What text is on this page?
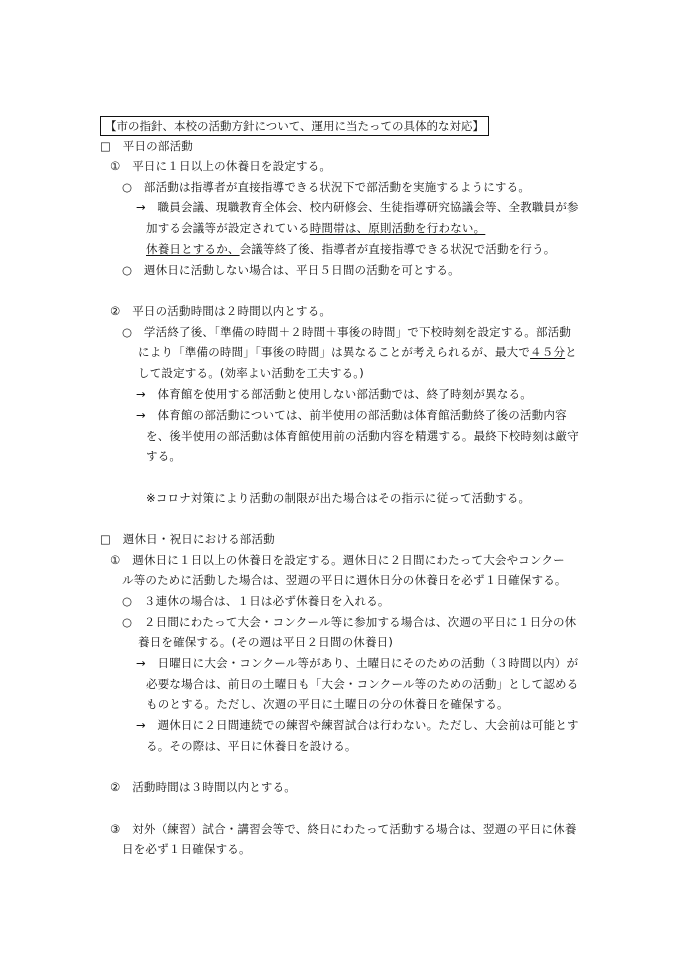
【市の指針、本校の活動方針について、運用に当たっての具体的な対応】
□　平日の部活動
①　平日に１日以上の休養日を設定する。
○　部活動は指導者が直接指導できる状況下で部活動を実施するようにする。
→　職員会議、現職教育全体会、校内研修会、生徒指導研究協議会等、全教職員が参
加する会議等が設定されている時間帯は、原則活動を行わない。
休養日とするか、会議等終了後、指導者が直接指導できる状況で活動を行う。
○　週休日に活動しない場合は、平日５日間の活動を可とする。
②　平日の活動時間は２時間以内とする。
○　学活終了後、「準備の時間＋２時間＋事後の時間」で下校時刻を設定する。部活動
により「準備の時間」「事後の時間」は異なることが考えられるが、最大で４５分と
して設定する。(効率よい活動を工夫する。)
→　体育館を使用する部活動と使用しない部活動では、終了時刻が異なる。
→　体育館の部活動については、前半使用の部活動は体育館活動終了後の活動内容
を、後半使用の部活動は体育館使用前の活動内容を精選する。最終下校時刻は厳守
する。
※コロナ対策により活動の制限が出た場合はその指示に従って活動する。
□　週休日・祝日における部活動
①　週休日に１日以上の休養日を設定する。週休日に２日間にわたって大会やコンクー
ル等のために活動した場合は、翌週の平日に週休日分の休養日を必ず１日確保する。
○　３連休の場合は、１日は必ず休養日を入れる。
○　２日間にわたって大会・コンクール等に参加する場合は、次週の平日に１日分の休
養日を確保する。(その週は平日２日間の休養日)
→　日曜日に大会・コンクール等があり、土曜日にそのための活動（３時間以内）が
必要な場合は、前日の土曜日も「大会・コンクール等のための活動」として認める
ものとする。ただし、次週の平日に土曜日の分の休養日を確保する。
→　週休日に２日間連続での練習や練習試合は行わない。ただし、大会前は可能とす
る。その際は、平日に休養日を設ける。
②　活動時間は３時間以内とする。
③　対外（練習）試合・講習会等で、終日にわたって活動する場合は、翌週の平日に休養
日を必ず１日確保する。
